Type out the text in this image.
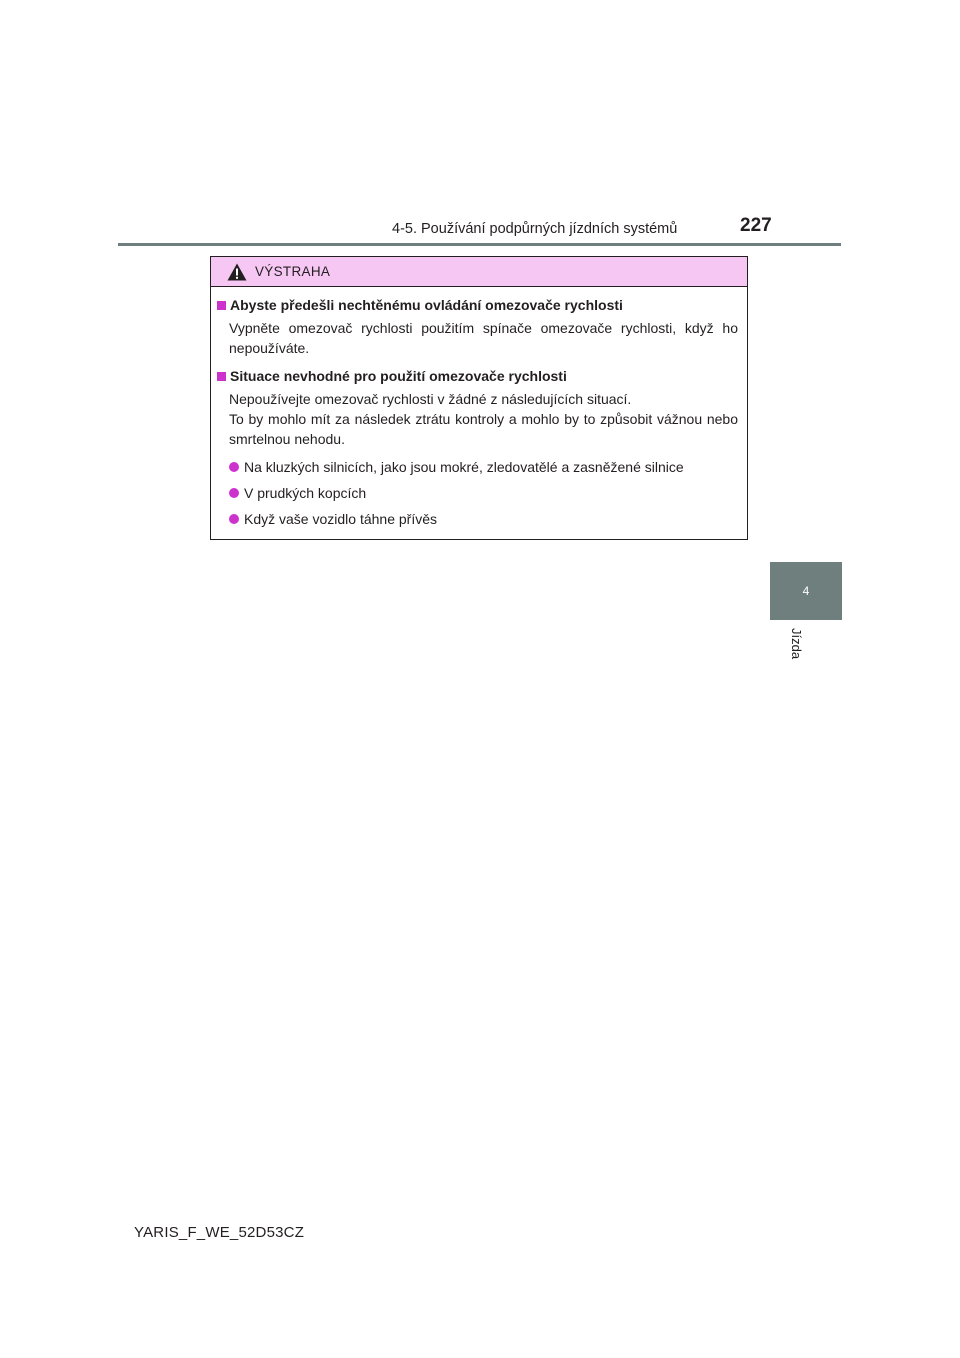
4-5. Používání podpůrných jízdních systémů	227
4
Jízda
VÝSTRAHA
Abyste předešli nechtěnému ovládání omezovače rychlosti
Vypněte omezovač rychlosti použitím spínače omezovače rychlosti, když ho nepoužíváte.
Situace nevhodné pro použití omezovače rychlosti
Nepoužívejte omezovač rychlosti v žádné z následujících situací.
To by mohlo mít za následek ztrátu kontroly a mohlo by to způsobit vážnou nebo smrtelnou nehodu.
Na kluzkých silnicích, jako jsou mokré, zledovatělé a zasněžené silnice
V prudkých kopcích
Když vaše vozidlo táhne přívěs
YARIS_F_WE_52D53CZ
